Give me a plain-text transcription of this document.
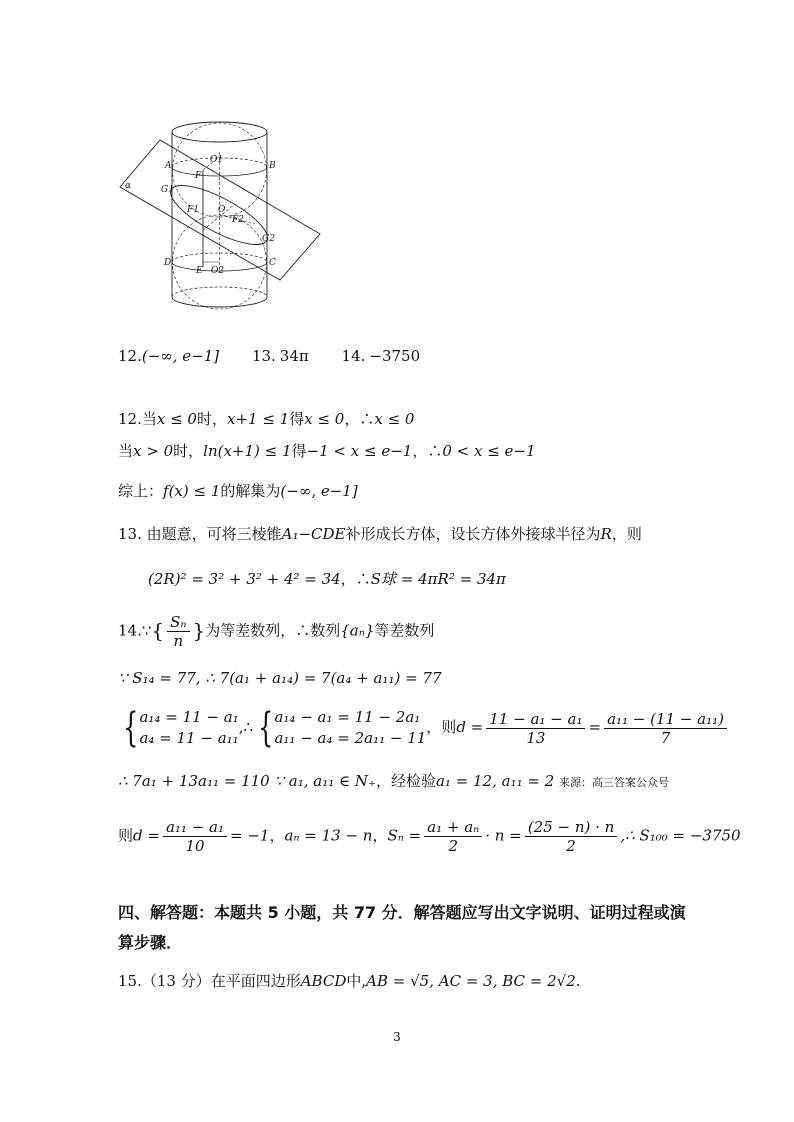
α
A	B
G1
G2
O1
F
F1 O
F2
D	C
E O2
12.(−∞, e−1] 13. 34π 14. −3750
12.当x ≤ 0时，x+1 ≤ 1得x ≤ 0，∴x ≤ 0
当x > 0时，ln(x+1) ≤ 1得−1 < x ≤ e−1，∴0 < x ≤ e−1
综上：f(x) ≤ 1的解集为(−∞, e−1]
13. 由题意，可将三棱锥A₁−CDE补形成长方体，设长方体外接球半径为R，则
(2R)² = 3² + 3² + 4² = 34，∴S球 = 4πR² = 34π
14.∵{ $\frac{\text{Sₙ}}{n}$ }为等差数列，∴数列{aₙ}等差数列
∵ S₁₄ = 77, ∴ 7(a₁ + a₁₄) = 7(a₄ + a₁₁) = 77
{ a₁₄ = 11 − a₁
a₄ = 11 − a₁₁
,∴ { a₁₄ − a₁ = 11 − 2a₁
a₁₁ − a₄ = 2a₁₁ − 11
，则$d = \frac{\text{11 − a₁ − a₁}}{13} = \frac{\text{a₁₁ − (11 − a₁₁)}}{7}$
∴ 7a₁ + 13a₁₁ = 110 ∵ a₁, a₁₁ ∈ N₊，经检验a₁ = 12, a₁₁ = 2 来源：高三答案公众号
则$d = \frac{\text{a₁₁ − a₁}}{10} = -1$，aₙ = 13 − n，$S_n = \frac{\text{a₁ + aₙ}}{2} \cdot n = \frac{(25 - n) \cdot n}{2}$ ,∴ S₁₀₀ = −3750
四、解答题：本题共 5 小题，共 77 分．解答题应写出文字说明、证明过程或演
算步骤．
15.（13 分）在平面四边形ABCD中,AB = √5, AC = 3, BC = 2√2.
3
